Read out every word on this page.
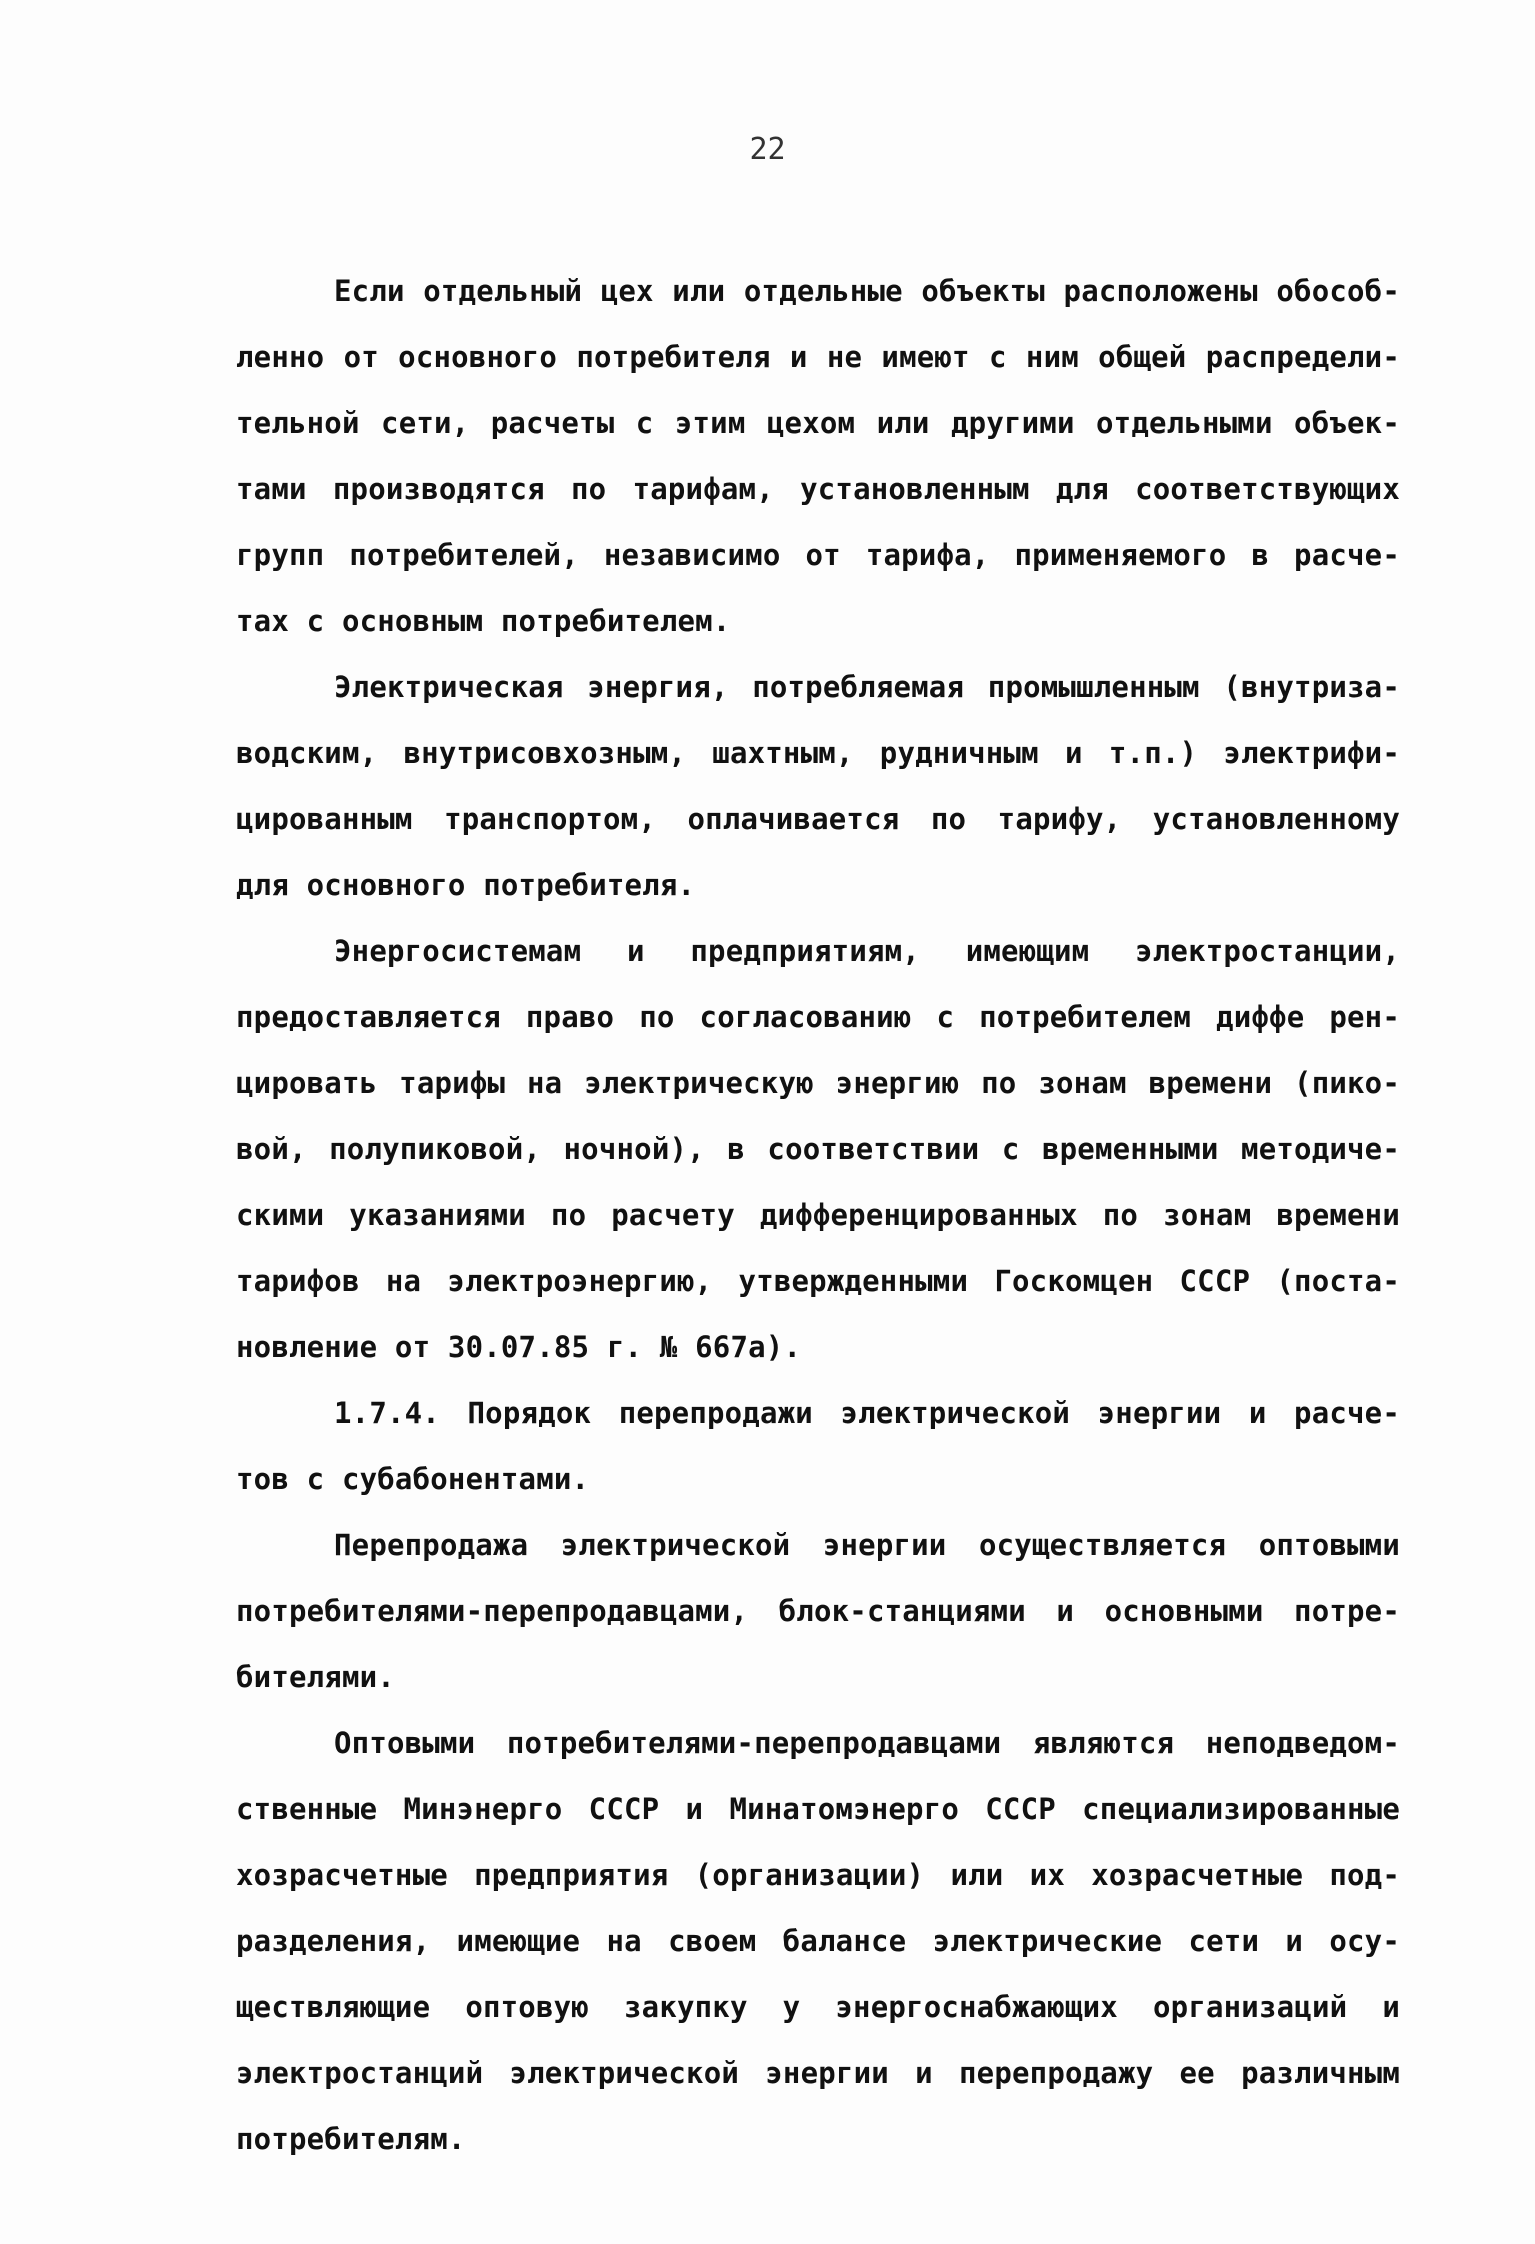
22
Если отдельный цех или отдельные объекты расположены обособ-
ленно от основного потребителя и не имеют с ним общей распредели-
тельной сети, расчеты с этим цехом или другими отдельными объек-
тами производятся по тарифам, установленным для соответствующих
групп потребителей, независимо от тарифа, применяемого в расче-
тах с основным потребителем.
Электрическая энергия, потребляемая промышленным (внутриза-
водским, внутрисовхозным, шахтным, рудничным и т.п.) электрифи-
цированным транспортом, оплачивается по тарифу, установленному
для основного потребителя.
Энергосистемам и предприятиям, имеющим электростанции,
предоставляется право по согласованию с потребителем диффе рен-
цировать тарифы на электрическую энергию по зонам времени (пико-
вой, полупиковой, ночной), в соответствии с временными методиче-
скими указаниями по расчету дифференцированных по зонам времени
тарифов на электроэнергию, утвержденными Госкомцен СССР (поста-
новление от 30.07.85 г. № 667а).
1.7.4. Порядок перепродажи электрической энергии и расче-
тов с субабонентами.
Перепродажа электрической энергии осуществляется оптовыми
потребителями-перепродавцами, блок-станциями и основными потре-
бителями.
Оптовыми потребителями-перепродавцами являются неподведом-
ственные Минэнерго СССР и Минатомэнерго СССР специализированные
хозрасчетные предприятия (организации) или их хозрасчетные под-
разделения, имеющие на своем балансе электрические сети и осу-
ществляющие оптовую закупку у энергоснабжающих организаций и
электростанций электрической энергии и перепродажу ее различным
потребителям.
